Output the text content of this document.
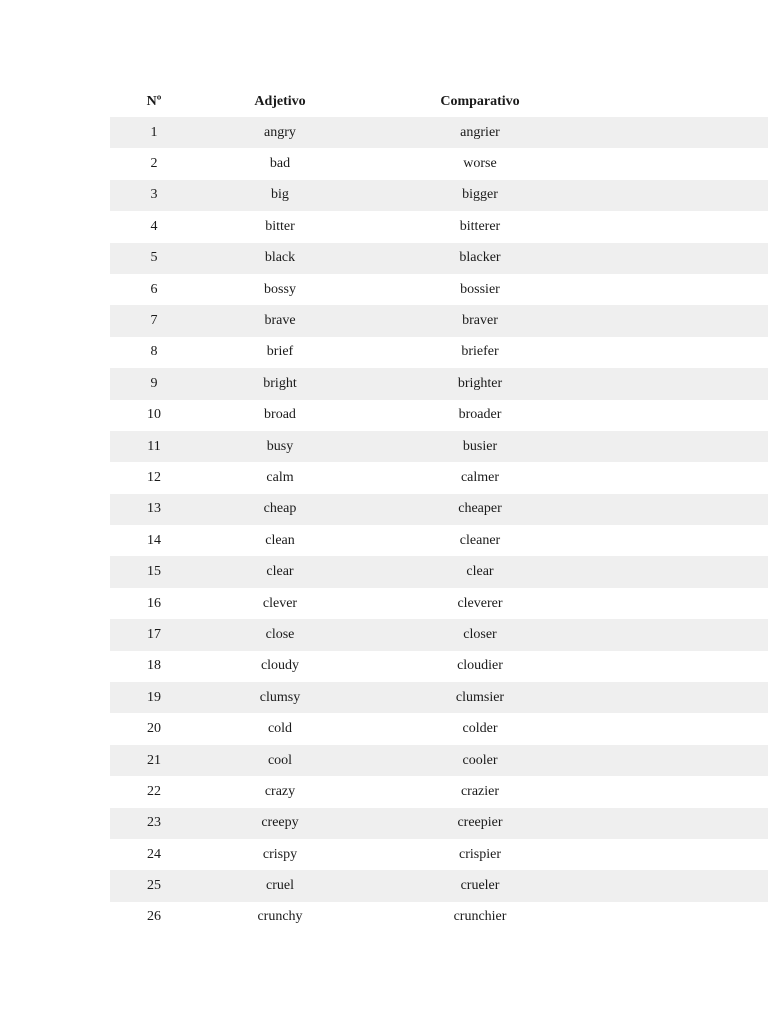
Nº	Adjetivo	Comparativo	
1	angry	angrier	
2	bad	worse	
3	big	bigger	
4	bitter	bitterer	
5	black	blacker	
6	bossy	bossier	
7	brave	braver	
8	brief	briefer	
9	bright	brighter	
10	broad	broader	
11	busy	busier	
12	calm	calmer	
13	cheap	cheaper	
14	clean	cleaner	
15	clear	clear	
16	clever	cleverer	
17	close	closer	
18	cloudy	cloudier	
19	clumsy	clumsier	
20	cold	colder	
21	cool	cooler	
22	crazy	crazier	
23	creepy	creepier	
24	crispy	crispier	
25	cruel	crueler	
26	crunchy	crunchier	
